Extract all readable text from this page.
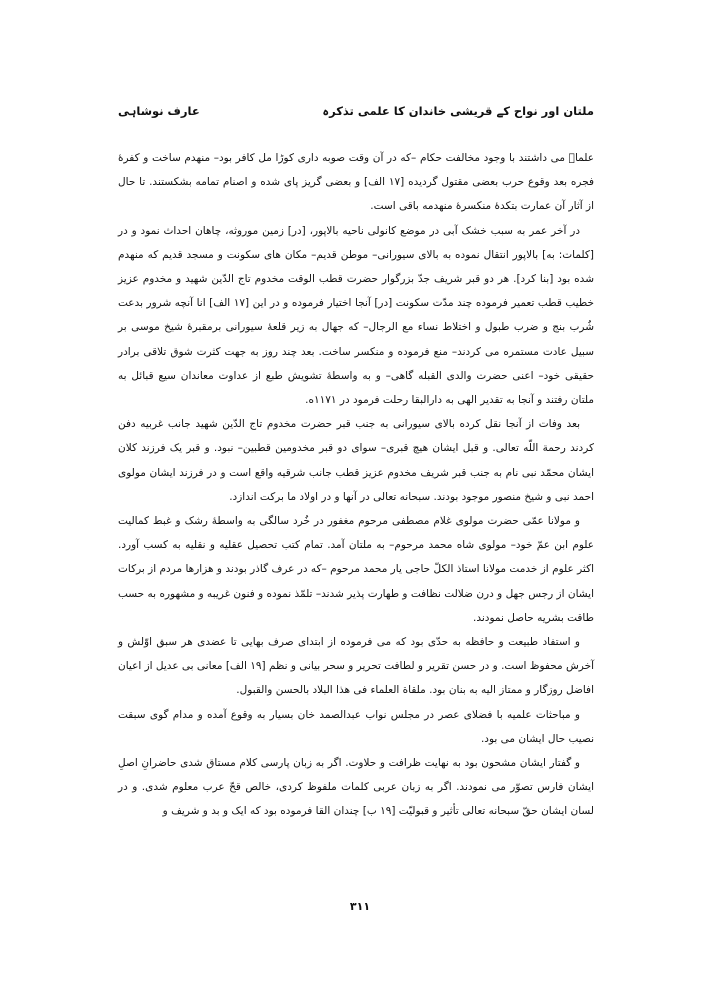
ملتان اور نواح کے قریشی خاندان کا علمی تذکرہ
عارف نوشاہی

علماؔ می داشتند با وجود مخالفت حکام –که در آن وقت صوبه داری کوڑا مل کافر بود– منهدم ساخت و کفرۀ فجره بعد وقوع حرب بعضی مقتول گردیده [۱۷ الف] و بعضی گریز پای شده و اصنام تمامه بشکستند. تا حال از آثار آن عمارت بتکدۀ منکسرۀ منهدمه باقی است.

در آخر عمر به سبب خشک آبی در موضع کانولی ناحیه بالاپور، [در] زمین موروثه، چاهان احداث نمود و در [کلمات: به] بالاپور انتقال نموده به بالای سیورانی– موطن قدیم– مکان های سکونت و مسجد قدیم که منهدم شده بود [بنا کرد]. هر دو قبر شریف جدّ بزرگوار حضرت قطب الوقت مخدوم تاج الدّین شهید و مخدوم عزیز خطیب قطب تعمیر فرموده چند مدّت سکونت [در] آنجا اختیار فرموده و در این [۱۷ الف] انا آنچه شرور بدعت شُرب بنج و ضرب طبول و اختلاط نساء مع الرجال– که جهال به زیر قلعۀ سیورانی برمقبرۀ شیخ موسی بر سبیل عادت مستمره می کردند– منع فرموده و منکسر ساخت. بعد چند روز به جهت کثرت شوق تلاقی برادر حقیقی خود– اعنی حضرت والدی القبله گاهی– و به واسطۀ تشویش طبع از عداوت معاندان سیع قبائل به ملتان رفتند و آنجا به تقدیر الهی به دارالبقا رحلت فرمود در ۱۱۷۱ه.

بعد وفات از آنجا نقل کرده بالای سیورانی به جنب قبر حضرت مخدوم تاج الدّین شهید جانب غربیه دفن کردند رحمة اللّه تعالی. و قبل ایشان هیچ قبری– سوای دو قبر مخدومین قطبین– نبود. و قبر یک فرزند کلان ایشان محمّد نبی نام به جنب قبر شریف مخدوم عزیز قطب جانب شرقیه واقع است و در فرزند ایشان مولوی احمد نبی و شیخ منصور موجود بودند. سبحانه تعالی در آنها و در اولاد ما برکت اندازد.

و مولانا عمّی حضرت مولوی غلام مصطفی مرحوم مغفور در خُرد سالگی به واسطۀ رشک و غبط کمالیت علوم ابن عمّ خود– مولوی شاه محمد مرحوم– به ملتان آمد. تمام کتب تحصیل عقلیه و نقلیه به کسب آورد. اکثر علوم از خدمت مولانا استاذ الکلّ حاجی یار محمد مرحوم –که در عرف گاذر بودند و هزارها مردم از برکات ایشان از رجس جهل و درن ضلالت نظافت و طهارت پذیر شدند– تلمّذ نموده و فنون غریبه و مشهوره به حسب طاقت بشریه حاصل نمودند.

و استفاد طبیعت و حافظه به حدّی بود که می فرموده از ابتدای صرف بهایی تا عضدی هر سبق اوّلش و آخرش محفوظ است. و در حسن تقریر و لطافت تحریر و سحر بیانی و نظم [۱۹ الف] معانی بی عدیل از اعیان افاضل روزگار و ممتاز الیه به بنان بود. ملقاة العلماء فی هذا البلاد بالحسن والقبول.

و مباحثات علمیه با فضلای عصر در مجلس نواب عبدالصمد خان بسیار به وقوع آمده و مدام گوی سبقت نصیب حال ایشان می بود.

و گفتار ایشان مشحون بود به نهایت ظرافت و حلاوت. اگر به زبان پارسی کلام مستاق شدی حاضرانِ اصلِ ایشان فارس تصوّر می نمودند. اگر به زبان عربی کلمات ملفوظ کردی، خالص قحّ عرب معلوم شدی. و در لسان ایشان حقّ سبحانه تعالی تأثیر و قبولیّت [۱۹ ب] چندان القا فرموده بود که ایک و بد و شریف و

۳۱۱
